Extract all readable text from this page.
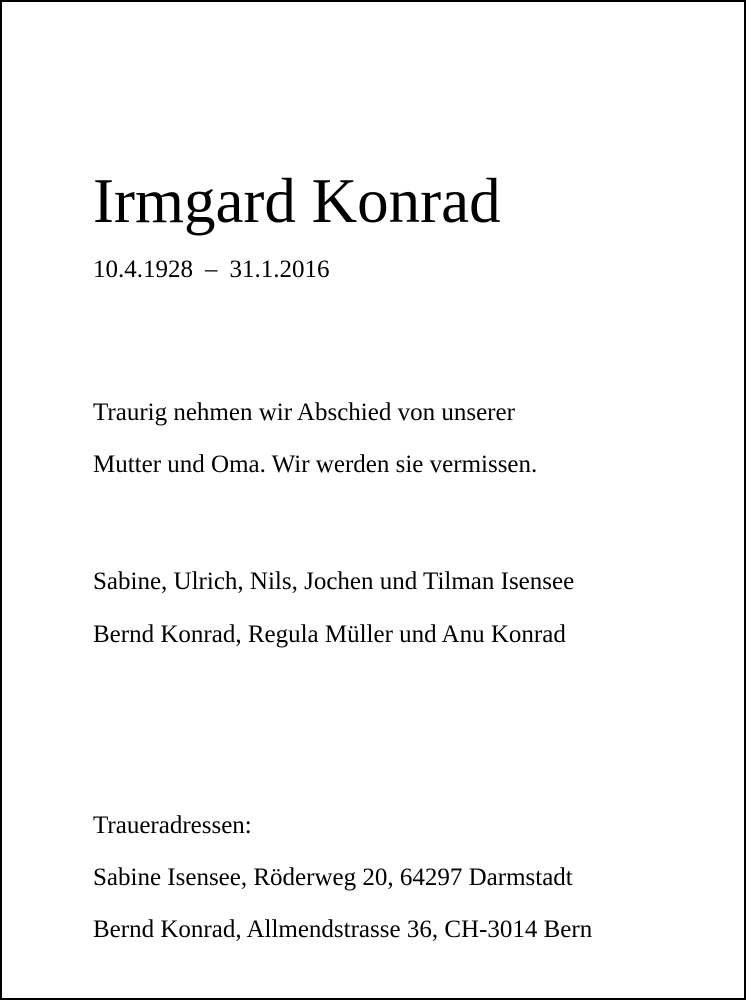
Irmgard Konrad
10.4.1928 – 31.1.2016
Traurig nehmen wir Abschied von unserer
Mutter und Oma. Wir werden sie vermissen.
Sabine, Ulrich, Nils, Jochen und Tilman Isensee
Bernd Konrad, Regula Müller und Anu Konrad
Traueradressen:
Sabine Isensee, Röderweg 20, 64297 Darmstadt
Bernd Konrad, Allmendstrasse 36, CH-3014 Bern
